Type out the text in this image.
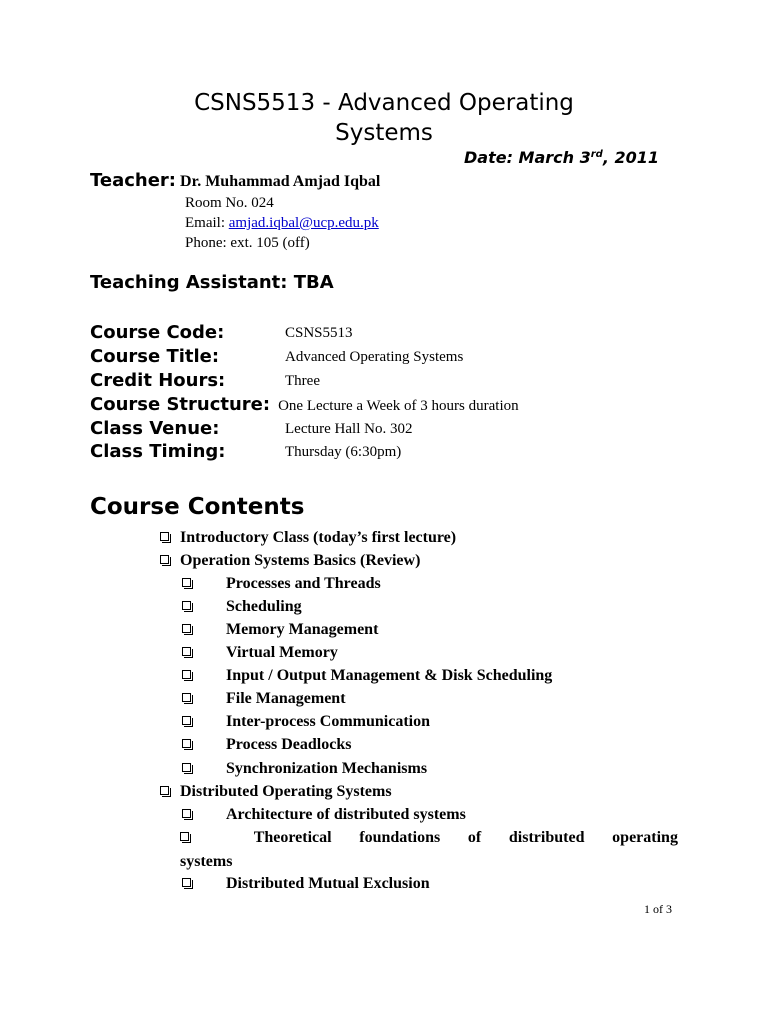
CSNS5513 - Advanced Operating
Systems
Date: March 3rd, 2011
Teacher: Dr. Muhammad Amjad Iqbal
Room No. 024
Email: amjad.iqbal@ucp.edu.pk
Phone: ext. 105 (off)
Teaching Assistant: TBA
Course Code:	CSNS5513
Course Title:	Advanced Operating Systems
Credit Hours:	Three
Course Structure: One Lecture a Week of 3 hours duration
Class Venue:	Lecture Hall No. 302
Class Timing:	Thursday (6:30pm)
Course Contents
Introductory Class (today’s first lecture)
Operation Systems Basics (Review)
Processes and Threads
Scheduling
Memory Management
Virtual Memory
Input / Output Management & Disk Scheduling
File Management
Inter-process Communication
Process Deadlocks
Synchronization Mechanisms
Distributed Operating Systems
Architecture of distributed systems
Theoretical foundations of distributed operating
systems
Distributed Mutual Exclusion
1 of 3
